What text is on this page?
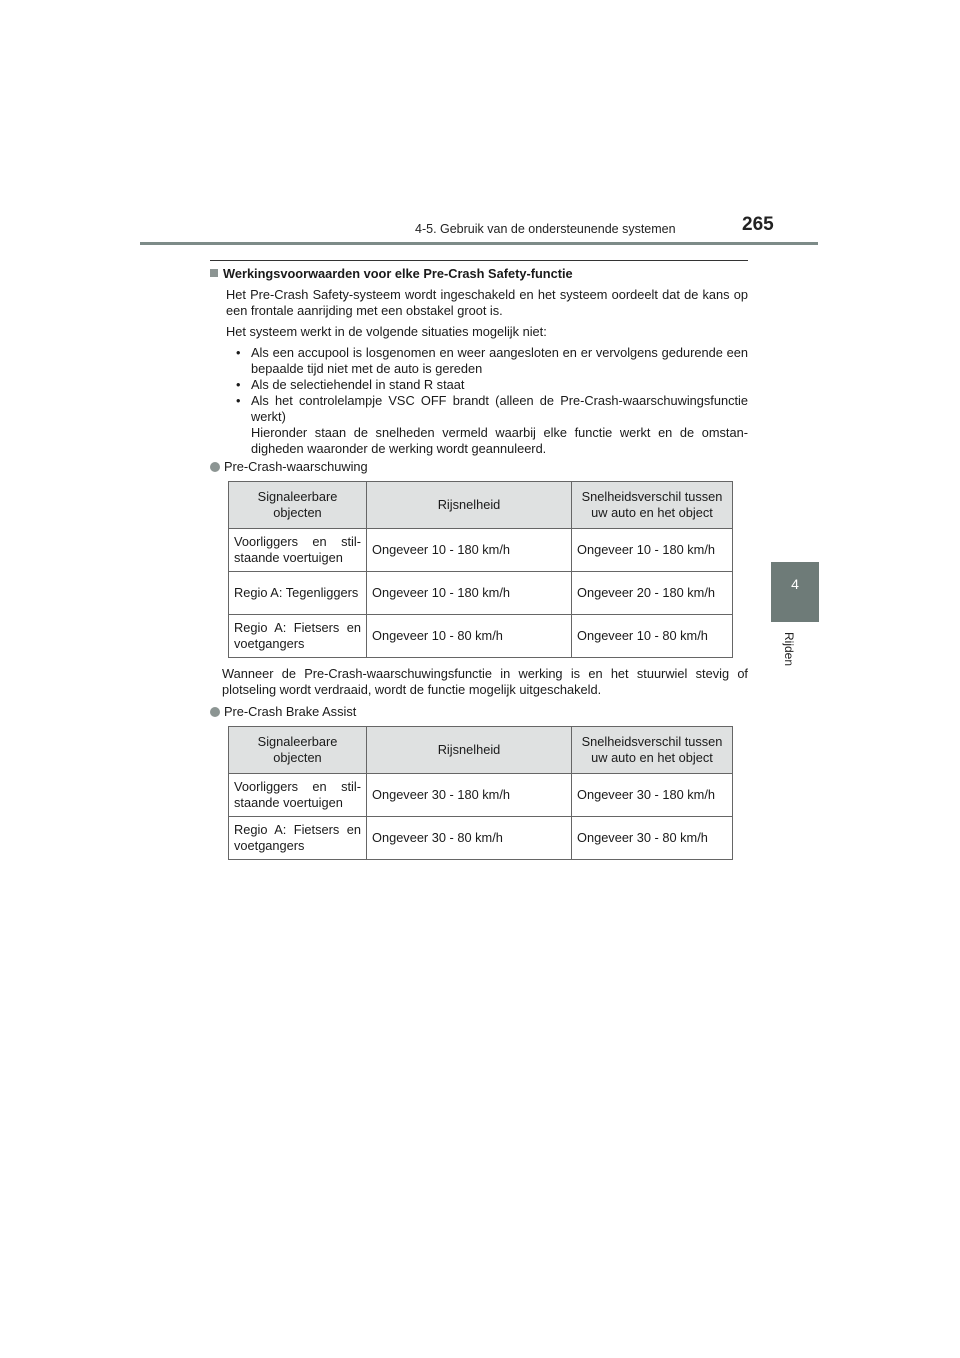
4-5. Gebruik van de ondersteunende systemen	265
4
Rijden

Werkingsvoorwaarden voor elke Pre-Crash Safety-functie

Het Pre-Crash Safety-systeem wordt ingeschakeld en het systeem oordeelt dat de kans op een frontale aanrijding met een obstakel groot is.

Het systeem werkt in de volgende situaties mogelijk niet:

• Als een accupool is losgenomen en weer aangesloten en er vervolgens gedurende een bepaalde tijd niet met de auto is gereden
• Als de selectiehendel in stand R staat
• Als het controlelampje VSC OFF brandt (alleen de Pre-Crash-waarschuwingsfunctie werkt)
Hieronder staan de snelheden vermeld waarbij elke functie werkt en de omstandigheden waaronder de werking wordt geannuleerd.

Pre-Crash-waarschuwing

Signaleerbare objecten	Rijsnelheid	Snelheidsverschil tussen uw auto en het object
Voorliggers en stilstaande voertuigen	Ongeveer 10 - 180 km/h	Ongeveer 10 - 180 km/h
Regio A: Tegenliggers	Ongeveer 10 - 180 km/h	Ongeveer 20 - 180 km/h
Regio A: Fietsers en voetgangers	Ongeveer 10 - 80 km/h	Ongeveer 10 - 80 km/h

Wanneer de Pre-Crash-waarschuwingsfunctie in werking is en het stuurwiel stevig of plotseling wordt verdraaid, wordt de functie mogelijk uitgeschakeld.

Pre-Crash Brake Assist

Signaleerbare objecten	Rijsnelheid	Snelheidsverschil tussen uw auto en het object
Voorliggers en stilstaande voertuigen	Ongeveer 30 - 180 km/h	Ongeveer 30 - 180 km/h
Regio A: Fietsers en voetgangers	Ongeveer 30 - 80 km/h	Ongeveer 30 - 80 km/h
